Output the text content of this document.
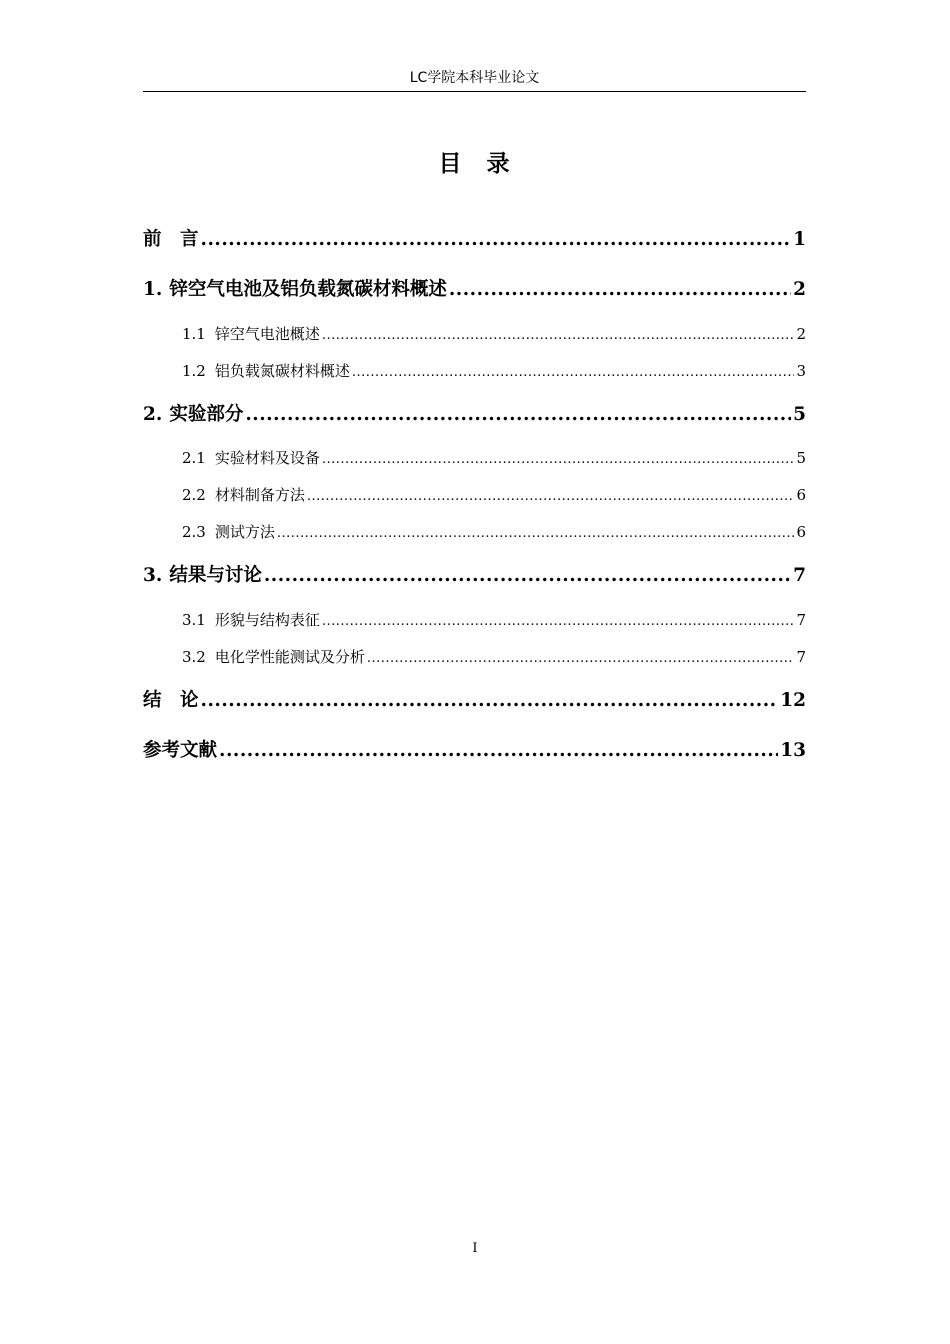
LC学院本科毕业论文
目　录
前　言 .....	1
1. 锌空气电池及铝负载氮碳材料概述 .....	2
1.1 锌空气电池概述 .....	2
1.2 铝负载氮碳材料概述 .....	3
2. 实验部分 .....	5
2.1 实验材料及设备 .....	5
2.2 材料制备方法 .....	6
2.3 测试方法 .....	6
3. 结果与讨论 .....	7
3.1 形貌与结构表征 .....	7
3.2 电化学性能测试及分析 .....	7
结　论 .....	12
参考文献 .....	13
I
